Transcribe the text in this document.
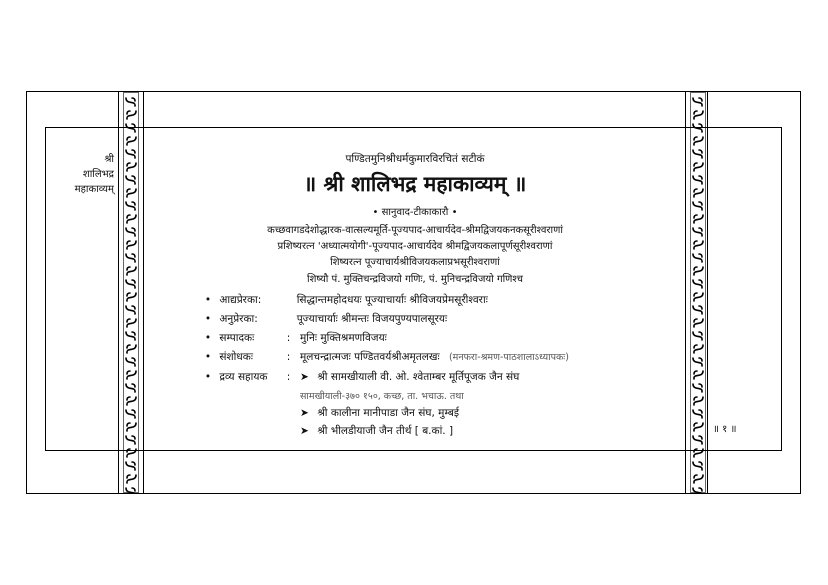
श्री
शालिभद्र
महाकाव्यम्
॥ १ ॥
पण्डितमुनिश्रीधर्मकुमारविरचितं सटीकं
॥ श्री शालिभद्र महाकाव्यम् ॥
• सानुवाद-टीकाकारौ •
कच्छवागडदेशोद्धारक-वात्सल्यमूर्ति-पूज्यपाद-आचार्यदेव-श्रीमद्विजयकनकसूरीश्वराणां
प्रशिष्यरत्न 'अध्यात्मयोगी'-पूज्यपाद-आचार्यदेव श्रीमद्विजयकलापूर्णसूरीश्वराणां
शिष्यरत्न पूज्याचार्यश्रीविजयकलाप्रभसूरीश्वराणां
शिष्यौ पं. मुक्तिचन्द्रविजयो गणिः, पं. मुनिचन्द्रविजयो गणिश्च
• आद्यप्रेरका:	सिद्धान्तमहोदधयः पूज्याचार्याः श्रीविजयप्रेमसूरीश्वराः
• अनुप्रेरका:	पूज्याचार्याः श्रीमन्तः विजयपुण्यपालसूरयः
• सम्पादकः	: मुनिः मुक्तिश्रमणविजयः
• संशोधकः	: मूलचन्द्रात्मजः पण्डितवर्यश्रीअमृतलखः (मनफरा-श्रमण-पाठशालाऽध्यापकः)
• द्रव्य सहायक : ➤ श्री सामखीयाली वी. ओ. श्वेताम्बर मूर्तिपूजक जैन संघ
सामखीयाली-३७० १५०, कच्छ, ता. भचाऊ. तथा
➤ श्री कालीना मानीपाडा जैन संघ, मुम्बई
➤ श्री भीलडीयाजी जैन तीर्थ [ ब.कां. ]
